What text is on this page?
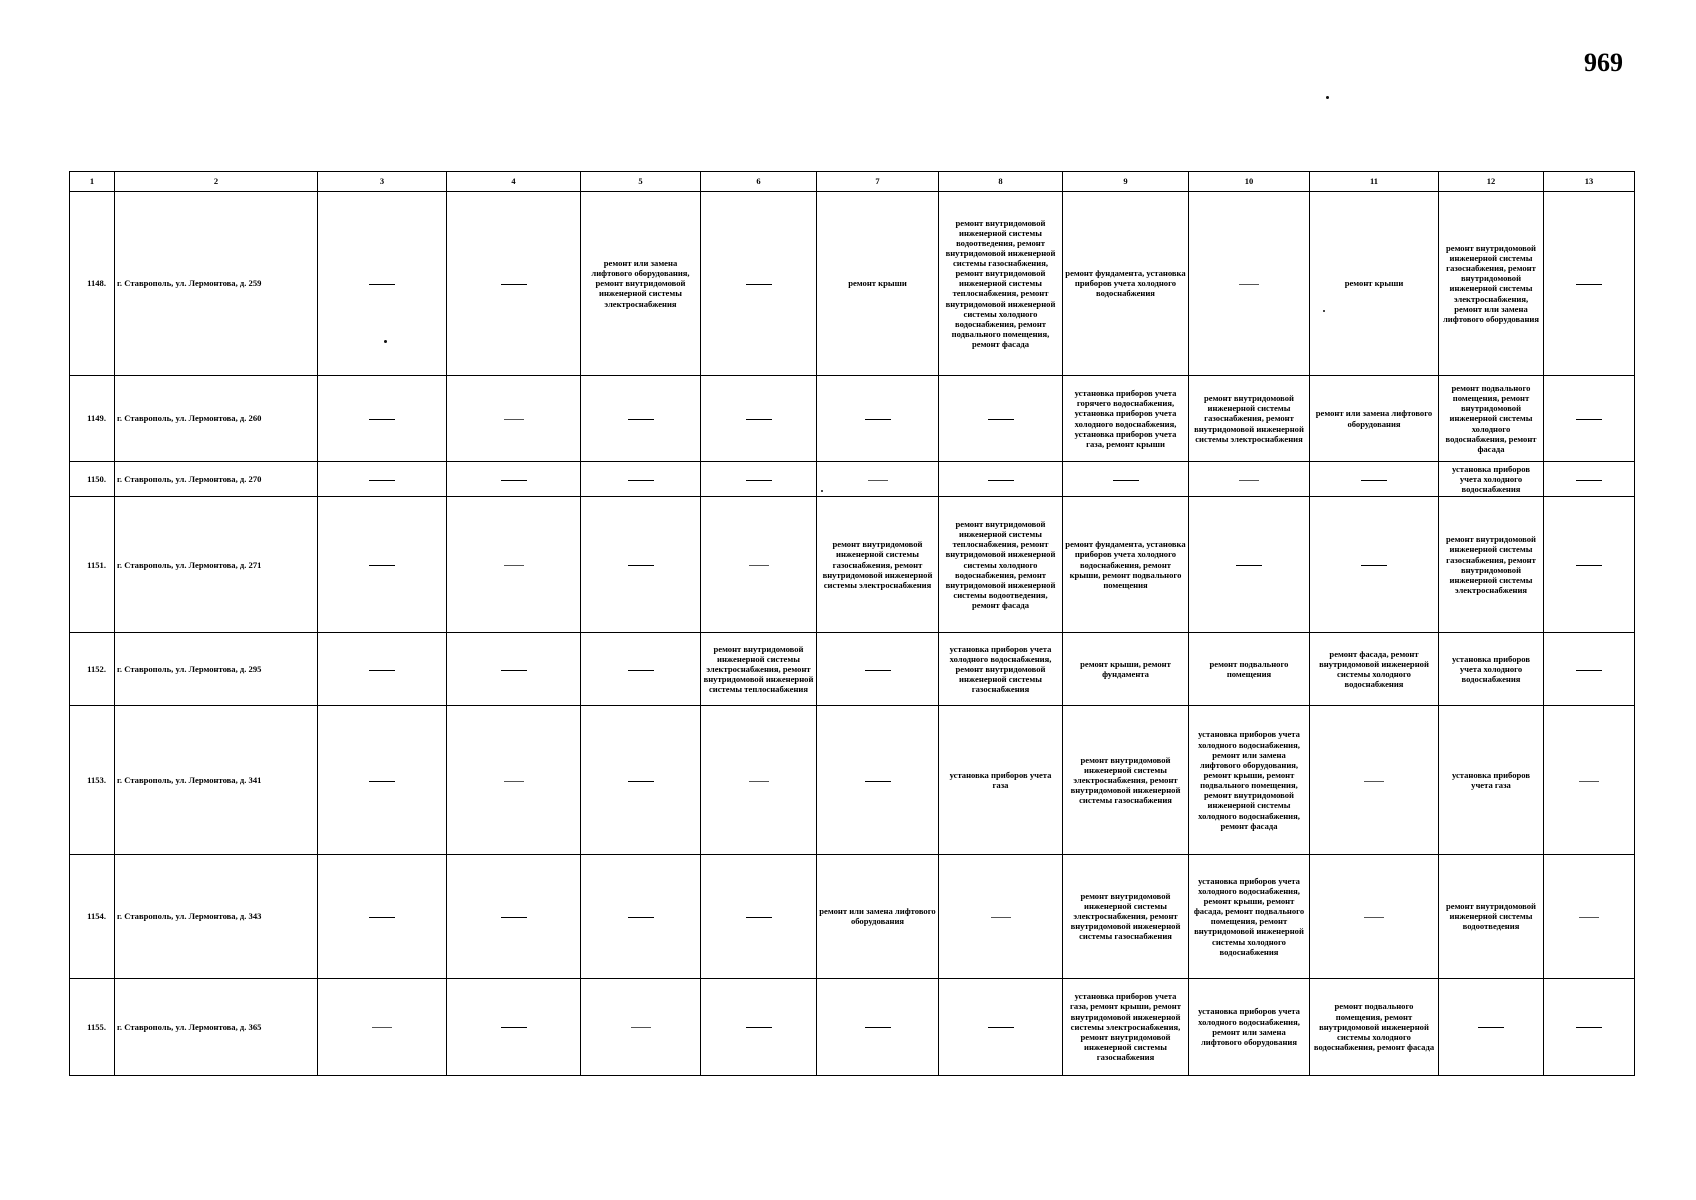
969
1	2	3	4	5	6	7	8	9	10	11	12	13
1148.	г. Ставрополь, ул. Лермонтова, д. 259			ремонт или замена лифтового оборудования, ремонт внутридомовой инженерной системы электроснабжения		ремонт крыши	ремонт внутридомовой инженерной системы водоотведения, ремонт внутридомовой инженерной системы газоснабжения, ремонт внутридомовой инженерной системы теплоснабжения, ремонт внутридомовой инженерной системы холодного водоснабжения, ремонт подвального помещения, ремонт фасада	ремонт фундамента, установка приборов учета холодного водоснабжения		ремонт крыши	ремонт внутридомовой инженерной системы газоснабжения, ремонт внутридомовой инженерной системы электроснабжения, ремонт или замена лифтового оборудования	
1149.	г. Ставрополь, ул. Лермонтова, д. 260							установка приборов учета горячего водоснабжения, установка приборов учета холодного водоснабжения, установка приборов учета газа, ремонт крыши	ремонт внутридомовой инженерной системы газоснабжения, ремонт внутридомовой инженерной системы электроснабжения	ремонт или замена лифтового оборудования	ремонт подвального помещения, ремонт внутридомовой инженерной системы холодного водоснабжения, ремонт фасада	
1150.	г. Ставрополь, ул. Лермонтова, д. 270										установка приборов учета холодного водоснабжения	
1151.	г. Ставрополь, ул. Лермонтова, д. 271					ремонт внутридомовой инженерной системы газоснабжения, ремонт внутридомовой инженерной системы электроснабжения	ремонт внутридомовой инженерной системы теплоснабжения, ремонт внутридомовой инженерной системы холодного водоснабжения, ремонт внутридомовой инженерной системы водоотведения, ремонт фасада	ремонт фундамента, установка приборов учета холодного водоснабжения, ремонт крыши, ремонт подвального помещения			ремонт внутридомовой инженерной системы газоснабжения, ремонт внутридомовой инженерной системы электроснабжения	
1152.	г. Ставрополь, ул. Лермонтова, д. 295				ремонт внутридомовой инженерной системы электроснабжения, ремонт внутридомовой инженерной системы теплоснабжения		установка приборов учета холодного водоснабжения, ремонт внутридомовой инженерной системы газоснабжения	ремонт крыши, ремонт фундамента	ремонт подвального помещения	ремонт фасада, ремонт внутридомовой инженерной системы холодного водоснабжения	установка приборов учета холодного водоснабжения	
1153.	г. Ставрополь, ул. Лермонтова, д. 341						установка приборов учета газа	ремонт внутридомовой инженерной системы электроснабжения, ремонт внутридомовой инженерной системы газоснабжения	установка приборов учета холодного водоснабжения, ремонт или замена лифтового оборудования, ремонт крыши, ремонт подвального помещения, ремонт внутридомовой инженерной системы холодного водоснабжения, ремонт фасада		установка приборов учета газа	
1154.	г. Ставрополь, ул. Лермонтова, д. 343					ремонт или замена лифтового оборудования		ремонт внутридомовой инженерной системы электроснабжения, ремонт внутридомовой инженерной системы газоснабжения	установка приборов учета холодного водоснабжения, ремонт крыши, ремонт фасада, ремонт подвального помещения, ремонт внутридомовой инженерной системы холодного водоснабжения		ремонт внутридомовой инженерной системы водоотведения	
1155.	г. Ставрополь, ул. Лермонтова, д. 365							установка приборов учета газа, ремонт крыши, ремонт внутридомовой инженерной системы электроснабжения, ремонт внутридомовой инженерной системы газоснабжения	установка приборов учета холодного водоснабжения, ремонт или замена лифтового оборудования	ремонт подвального помещения, ремонт внутридомовой инженерной системы холодного водоснабжения, ремонт фасада		
